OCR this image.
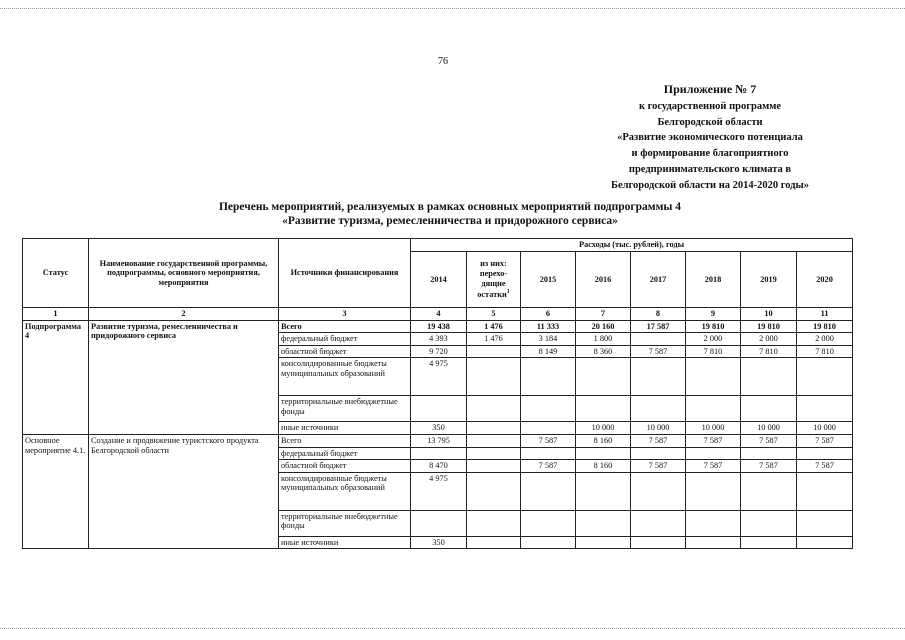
76
Приложение № 7
к государственной программе
Белгородской области
«Развитие экономического потенциала
и формирование благоприятного
предпринимательского климата в
Белгородской области на 2014-2020 годы»
Перечень мероприятий, реализуемых в рамках основных мероприятий подпрограммы 4
«Развитие туризма, ремесленничества и придорожного сервиса»
Статус	Наименование государственной программы, подпрограммы, основного мероприятия, мероприятия	Источники финансирования	Расходы (тыс. рублей), годы							
			2014	из них: перехо-дящие остатки$^1$	2015	2016	2017	2018	2019	2020
1	2	3	4	5	6	7	8	9	10	11
Подпрограмма 4	Развитие туризма, ремесленничества и придорожного сервиса	Всего	19 438	1 476	11 333	20 160	17 587	19 810	19 810	19 810
		федеральный бюджет	4 393	1 476	3 184	1 800		2 000	2 000	2 000
		областной бюджет	9 720		8 149	8 360	7 587	7 810	7 810	7 810
		консолидированные бюджеты муниципальных образований	4 975							
		территориальные внебюджетные фонды								
		иные источники	350			10 000	10 000	10 000	10 000	10 000
Основное мероприятие 4.1.	Создание и продвижение туристского продукта Белгородской области	Всего	13 795		7 587	8 160	7 587	7 587	7 587	7 587
		федеральный бюджет								
		областной бюджет	8 470		7 587	8 160	7 587	7 587	7 587	7 587
		консолидированные бюджеты муниципальных образований	4 975							
		территориальные внебюджетные фонды								
		иные источники	350							
